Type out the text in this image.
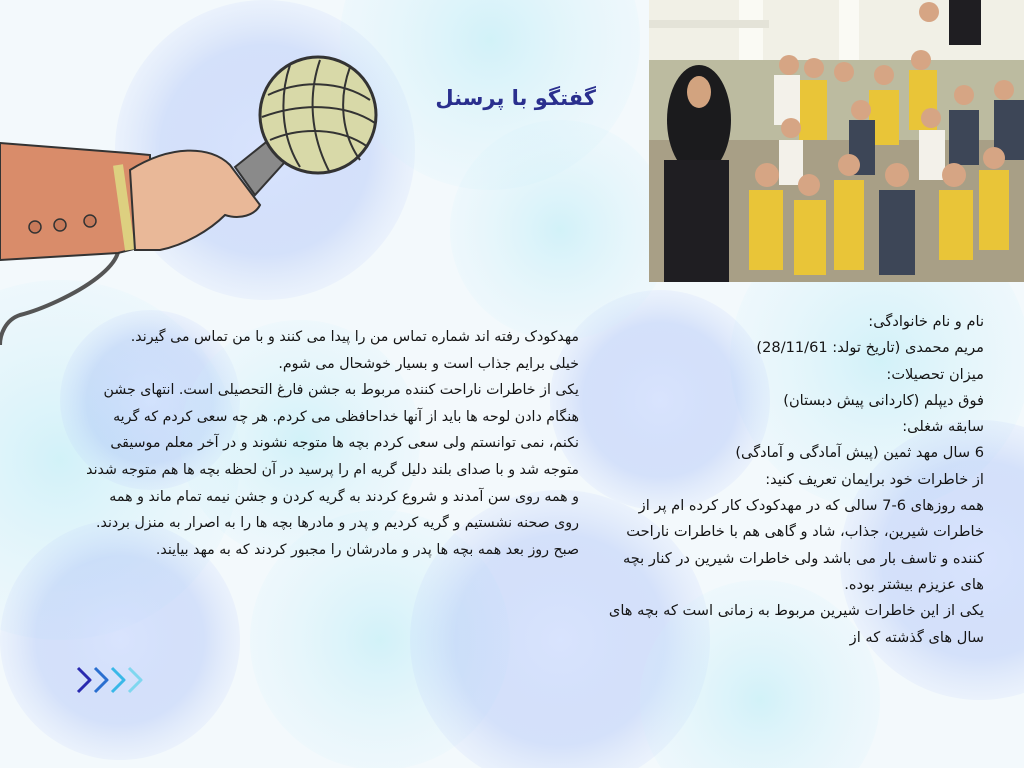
گفتگو با پرسنل

مهدکودک رفته اند شماره تماس من را پیدا می کنند و با من تماس می گیرند.

خیلی برایم جذاب است و بسیار خوشحال می شوم.

یکی از خاطرات ناراحت کننده مربوط به جشن فارغ التحصیلی است. انتهای جشن هنگام دادن لوحه ها باید از آنها خداحافظی می کردم. هر چه سعی کردم که گریه نکنم، نمی توانستم ولی سعی کردم بچه ها متوجه نشوند و در آخر معلم موسیقی متوجه شد و با صدای بلند دلیل گریه ام را پرسید در آن لحظه بچه ها هم متوجه شدند و همه روی سن آمدند و شروع کردند به گریه کردن و جشن نیمه تمام ماند و همه روی صحنه نشستیم و گریه کردیم و پدر و مادرها بچه ها را به اصرار به منزل بردند. صبح روز بعد همه بچه ها پدر و مادرشان را مجبور کردند که به مهد بیایند.

نام و نام خانوادگی:

مریم محمدی (تاریخ تولد: 28/11/61)

میزان تحصیلات:

فوق دیپلم (کاردانی پیش دبستان)

سابقه شغلی:

6 سال مهد ثمین (پیش آمادگی و آمادگی)

از خاطرات خود برایمان تعریف کنید:

همه روزهای 6-7 سالی که در مهدکودک کار کرده ام پر از خاطرات شیرین، جذاب، شاد و گاهی هم با خاطرات ناراحت کننده و تاسف بار می باشد ولی خاطرات شیرین در کنار بچه های عزیزم بیشتر بوده.

یکی از این خاطرات شیرین مربوط به زمانی است که بچه های سال های گذشته که از
